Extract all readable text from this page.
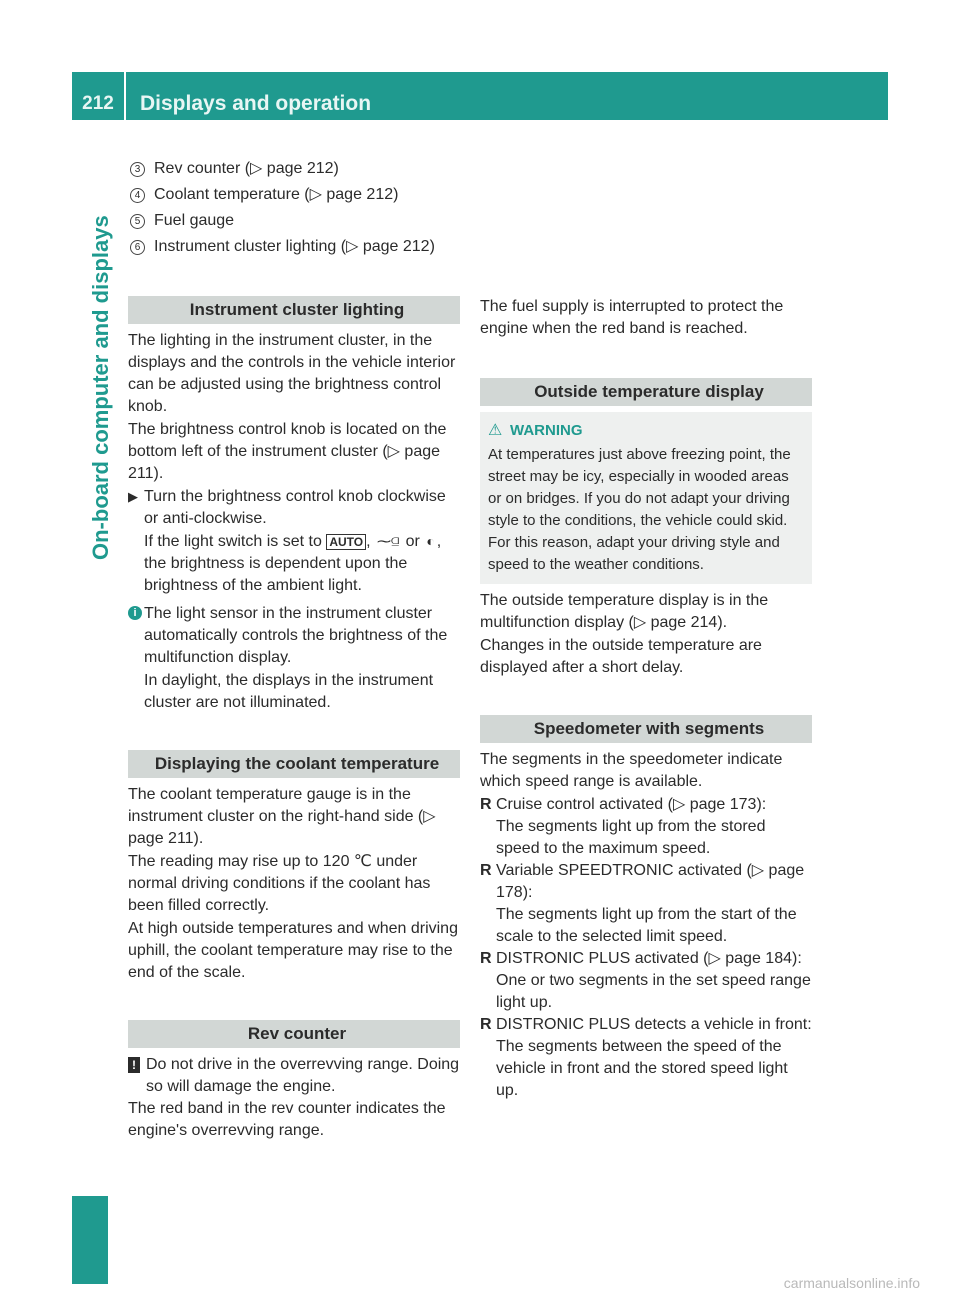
212	Displays and operation
On-board computer and displays
3 Rev counter (▷ page 212)
4 Coolant temperature (▷ page 212)
5 Fuel gauge
6 Instrument cluster lighting (▷ page 212)
Instrument cluster lighting

The lighting in the instrument cluster, in the displays and the controls in the vehicle interior can be adjusted using the brightness control knob.

The brightness control knob is located on the bottom left of the instrument cluster (▷ page 211).

▶ Turn the brightness control knob clockwise or anti-clockwise.
If the light switch is set to AUTO , ⁓⫑ or ◐ , the brightness is dependent upon the brightness of the ambient light.
i The light sensor in the instrument cluster automatically controls the brightness of the multifunction display.
In daylight, the displays in the instrument cluster are not illuminated.
Displaying the coolant temperature

The coolant temperature gauge is in the instrument cluster on the right-hand side (▷ page 211).

The reading may rise up to 120 ℃ under normal driving conditions if the coolant has been filled correctly.

At high outside temperatures and when driving uphill, the coolant temperature may rise to the end of the scale.

Rev counter
! Do not drive in the overrevving range. Doing so will damage the engine.

The red band in the rev counter indicates the engine's overrevving range.

The fuel supply is interrupted to protect the engine when the red band is reached.

Outside temperature display
⚠ WARNING
At temperatures just above freezing point, the street may be icy, especially in wooded areas or on bridges. If you do not adapt your driving style to the conditions, the vehicle could skid. For this reason, adapt your driving style and speed to the weather conditions.

The outside temperature display is in the multifunction display (▷ page 214).

Changes in the outside temperature are displayed after a short delay.

Speedometer with segments

The segments in the speedometer indicate which speed range is available.

R Cruise control activated (▷ page 173):
The segments light up from the stored speed to the maximum speed.
R Variable SPEEDTRONIC activated (▷ page 178):
The segments light up from the start of the scale to the selected limit speed.
R DISTRONIC PLUS activated (▷ page 184):
One or two segments in the set speed range light up.
R DISTRONIC PLUS detects a vehicle in front:
The segments between the speed of the vehicle in front and the stored speed light up.
carmanualsonline.info
